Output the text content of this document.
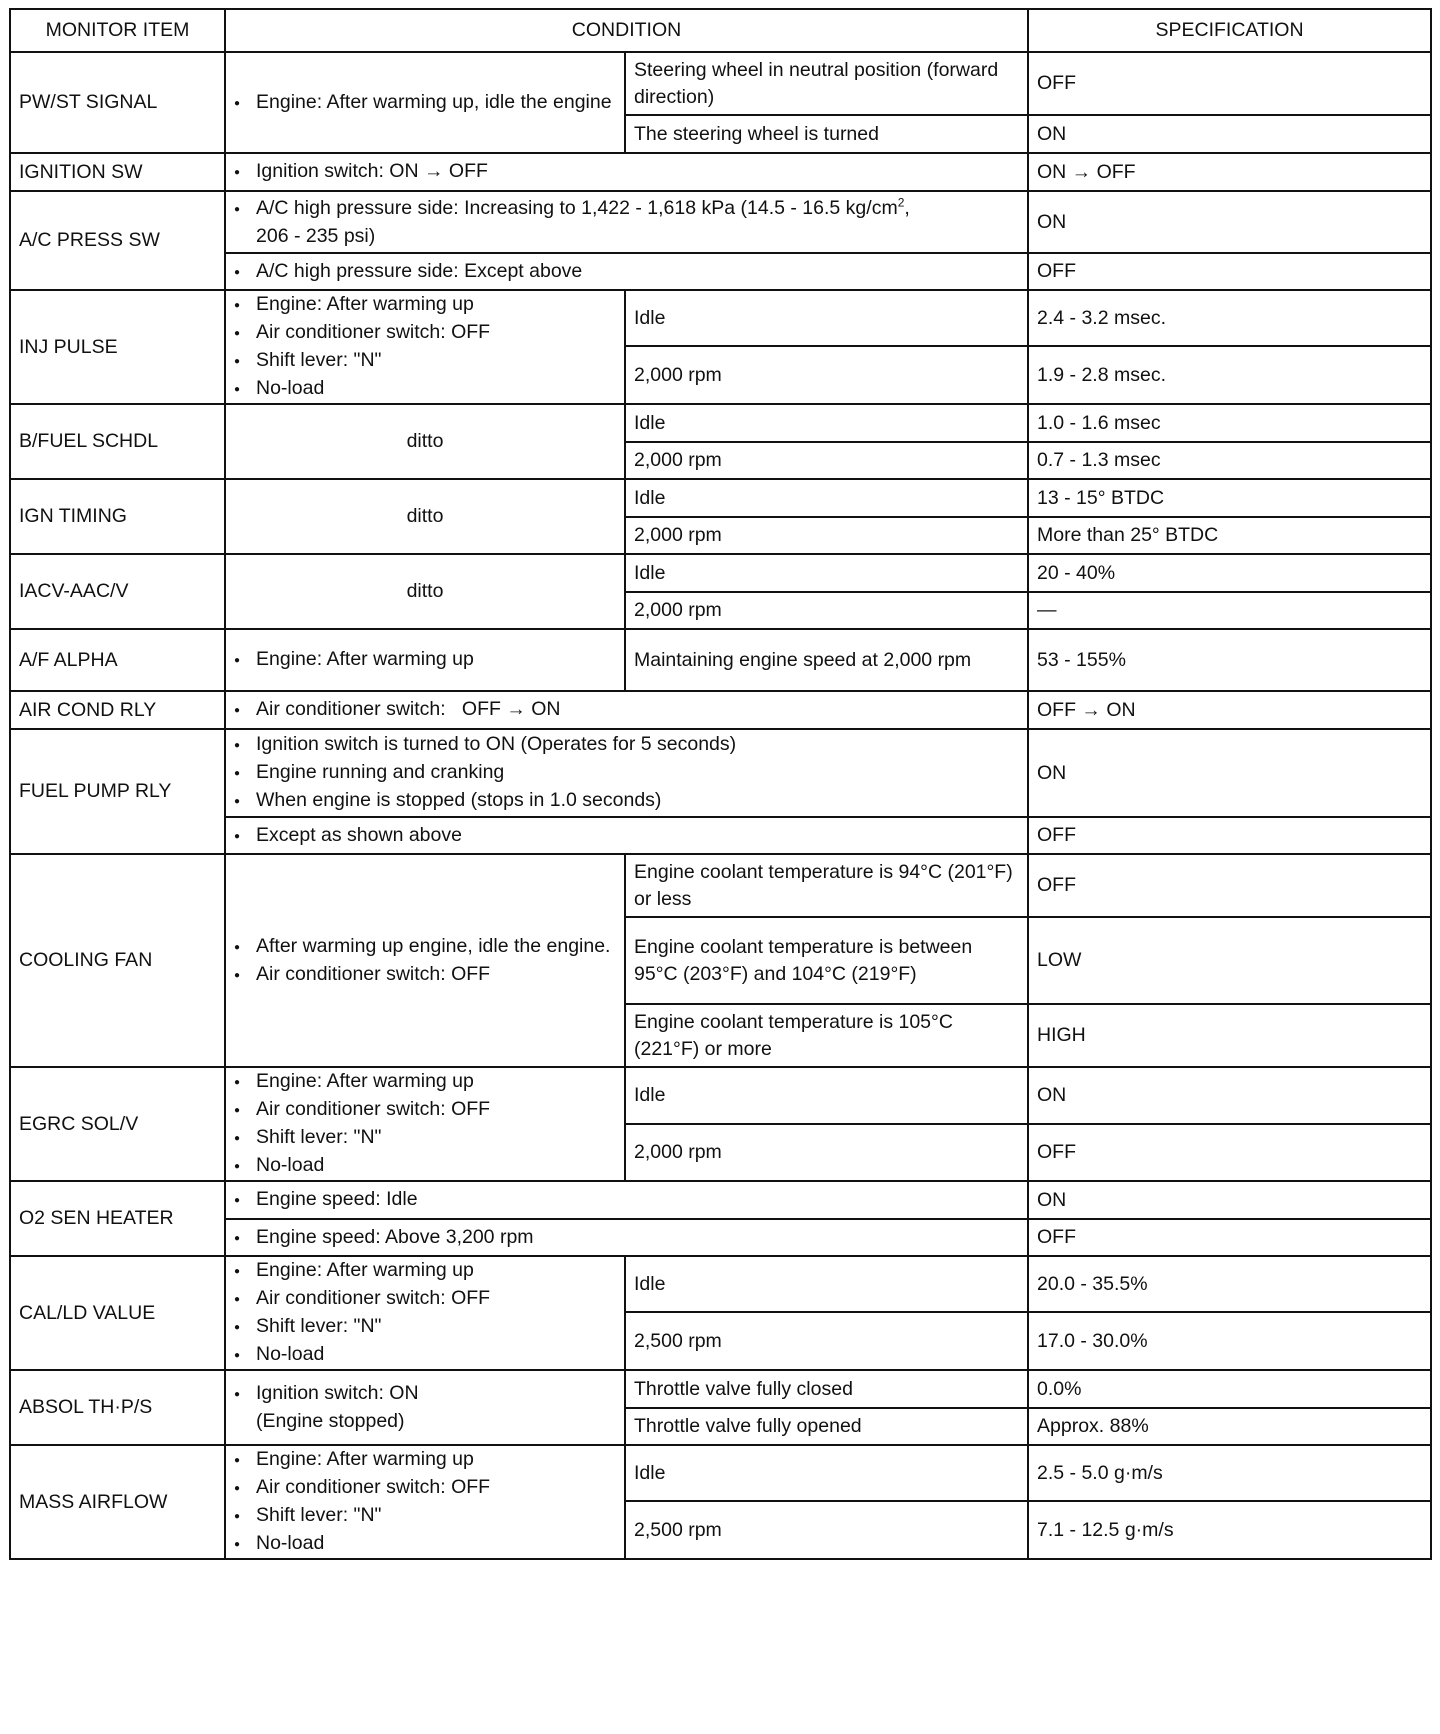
MONITOR ITEM	CONDITION		SPECIFICATION
PW/ST SIGNAL	● Engine: After warming up, idle the engine	Steering wheel in neutral position (forward direction)	OFF
		The steering wheel is turned	ON
IGNITION SW	● Ignition switch: ON → OFF		ON → OFF
A/C PRESS SW	● A/C high pressure side: Increasing to 1,422 - 1,618 kPa (14.5 - 16.5 $kg/cm^2$,
206 - 235 psi)		ON

	● A/C high pressure side: Except above		OFF
INJ PULSE	● Engine: After warming up
● Air conditioner switch: OFF
● Shift lever: "N"
● No-load	Idle	2.4 - 3.2 msec.
		2,000 rpm	1.9 - 2.8 msec.
B/FUEL SCHDL	ditto	Idle	1.0 - 1.6 msec
		2,000 rpm	0.7 - 1.3 msec
IGN TIMING	ditto	Idle	13 - 15° BTDC
		2,000 rpm	More than 25° BTDC
IACV-AAC/V	ditto	Idle	20 - 40%
		2,000 rpm	—
A/F ALPHA	● Engine: After warming up	Maintaining engine speed at 2,000 rpm	53 - 155%
AIR COND RLY	● Air conditioner switch:   OFF → ON		OFF → ON
FUEL PUMP RLY	● Ignition switch is turned to ON (Operates for 5 seconds)
● Engine running and cranking
● When engine is stopped (stops in 1.0 seconds)		ON

	● Except as shown above		OFF
COOLING FAN	● After warming up engine, idle the engine.
● Air conditioner switch: OFF	Engine coolant temperature is 94°C (201°F) or less	OFF
		Engine coolant temperature is between 95°C (203°F) and 104°C (219°F)	LOW
		Engine coolant temperature is 105°C (221°F) or more	HIGH
EGRC SOL/V	● Engine: After warming up
● Air conditioner switch: OFF
● Shift lever: "N"
● No-load	Idle	ON
		2,000 rpm	OFF
O2 SEN HEATER	● Engine speed: Idle		ON

	● Engine speed: Above 3,200 rpm		OFF
CAL/LD VALUE	● Engine: After warming up
● Air conditioner switch: OFF
● Shift lever: "N"
● No-load	Idle	20.0 - 35.5%
		2,500 rpm	17.0 - 30.0%
ABSOL TH·P/S	● Ignition switch: ON
(Engine stopped)	Throttle valve fully closed	0.0%
		Throttle valve fully opened	Approx. 88%
MASS AIRFLOW	● Engine: After warming up
● Air conditioner switch: OFF
● Shift lever: "N"
● No-load	Idle	2.5 - 5.0 g·m/s
		2,500 rpm	7.1 - 12.5 g·m/s
